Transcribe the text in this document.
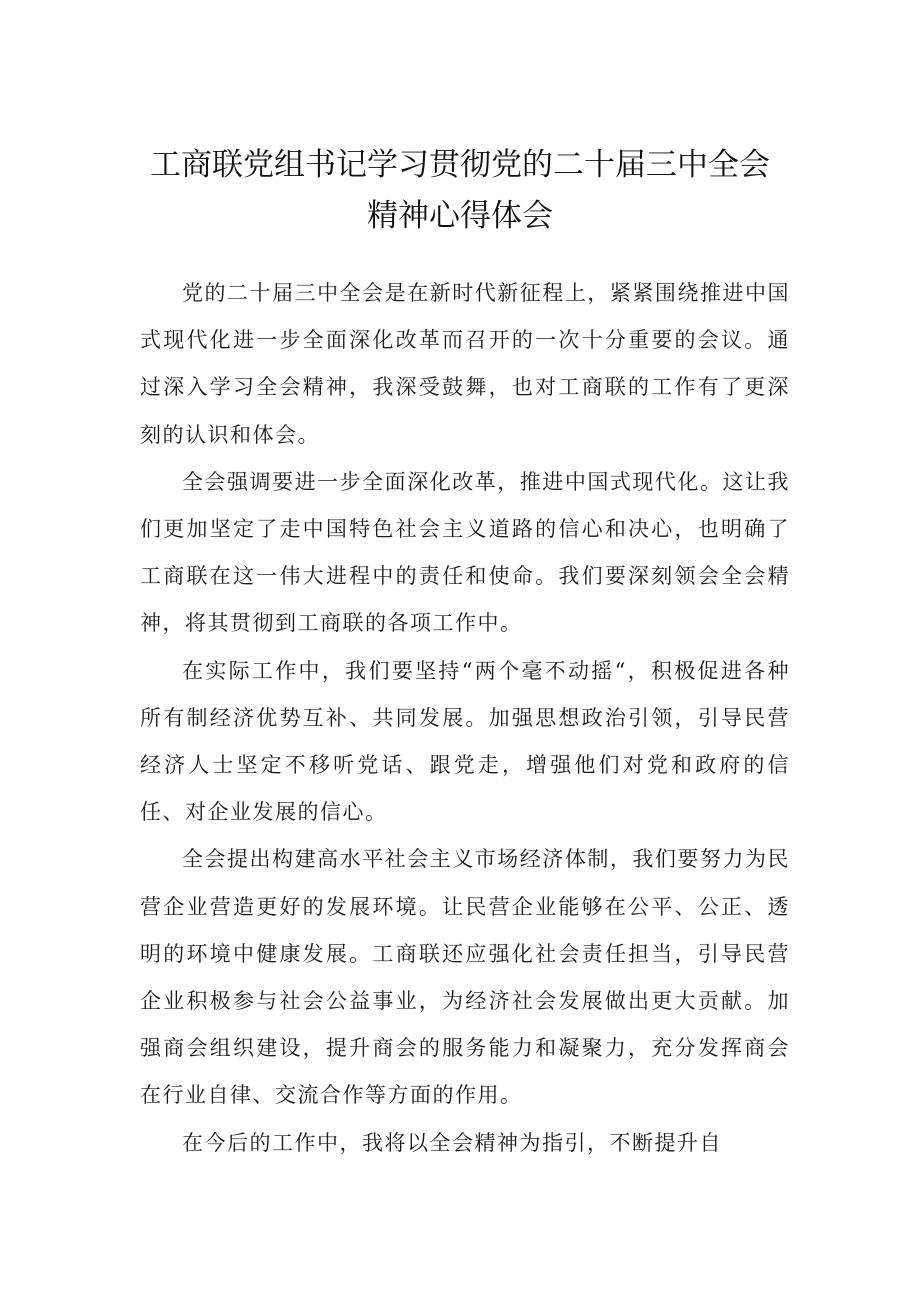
工商联党组书记学习贯彻党的二十届三中全会
精神心得体会

党的二十届三中全会是在新时代新征程上，紧紧围绕推进中国式现代化进一步全面深化改革而召开的一次十分重要的会议。通过深入学习全会精神，我深受鼓舞，也对工商联的工作有了更深刻的认识和体会。

全会强调要进一步全面深化改革，推进中国式现代化。这让我们更加坚定了走中国特色社会主义道路的信心和决心，也明确了工商联在这一伟大进程中的责任和使命。我们要深刻领会全会精神，将其贯彻到工商联的各项工作中。

在实际工作中，我们要坚持“两个毫不动摇“，积极促进各种所有制经济优势互补、共同发展。加强思想政治引领，引导民营经济人士坚定不移听党话、跟党走，增强他们对党和政府的信任、对企业发展的信心。

全会提出构建高水平社会主义市场经济体制，我们要努力为民营企业营造更好的发展环境。让民营企业能够在公平、公正、透明的环境中健康发展。工商联还应强化社会责任担当，引导民营企业积极参与社会公益事业，为经济社会发展做出更大贡献。加强商会组织建设，提升商会的服务能力和凝聚力，充分发挥商会在行业自律、交流合作等方面的作用。

在今后的工作中，我将以全会精神为指引，不断提升自
